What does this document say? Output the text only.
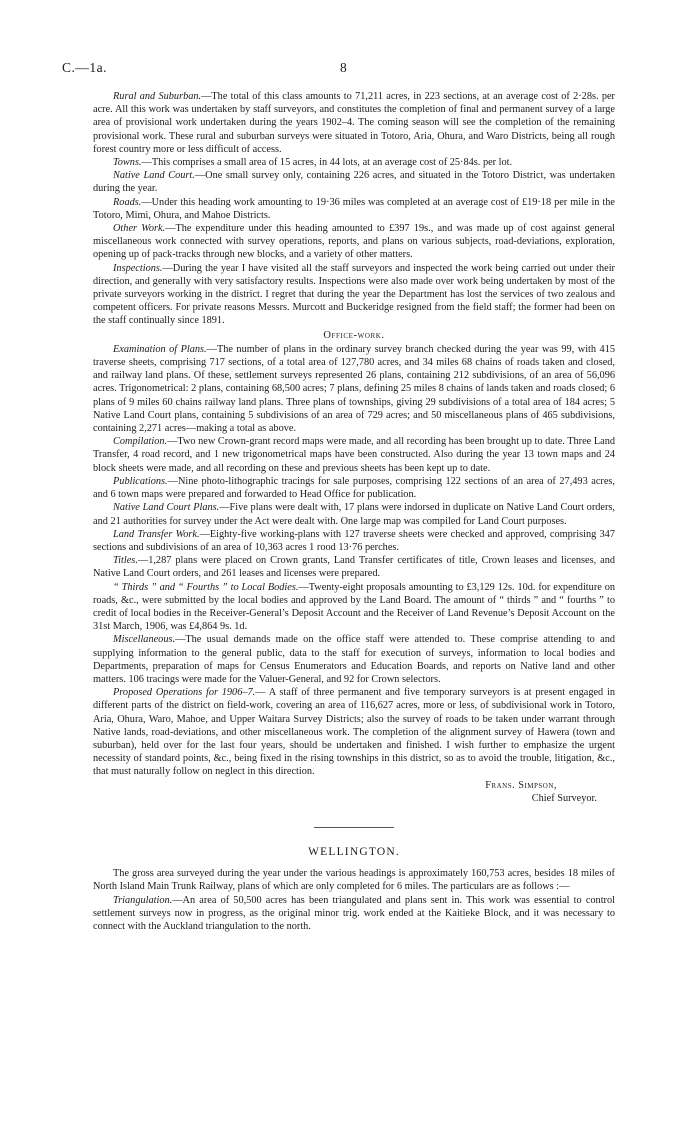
C.—1a.	8

Rural and Suburban.—The total of this class amounts to 71,211 acres, in 223 sections, at an average cost of 2·28s. per acre. All this work was undertaken by staff surveyors, and constitutes the completion of final and permanent survey of a large area of provisional work undertaken during the years 1902–4. The coming season will see the completion of the remaining provisional work. These rural and suburban surveys were situated in Totoro, Aria, Ohura, and Waro Districts, being all rough forest country more or less difficult of access.

Towns.—This comprises a small area of 15 acres, in 44 lots, at an average cost of 25·84s. per lot.

Native Land Court.—One small survey only, containing 226 acres, and situated in the Totoro District, was undertaken during the year.

Roads.—Under this heading work amounting to 19·36 miles was completed at an average cost of £19·18 per mile in the Totoro, Mimi, Ohura, and Mahoe Districts.

Other Work.—The expenditure under this heading amounted to £397 19s., and was made up of cost against general miscellaneous work connected with survey operations, reports, and plans on various subjects, road-deviations, exploration, opening up of pack-tracks through new blocks, and a variety of other matters.

Inspections.—During the year I have visited all the staff surveyors and inspected the work being carried out under their direction, and generally with very satisfactory results. Inspections were also made over work being undertaken by most of the private surveyors working in the district. I regret that during the year the Department has lost the services of two zealous and competent officers. For private reasons Messrs. Murcott and Buckeridge resigned from the field staff; the former had been on the staff continually since 1891.

Office-work.

Examination of Plans.—The number of plans in the ordinary survey branch checked during the year was 99, with 415 traverse sheets, comprising 717 sections, of a total area of 127,780 acres, and 34 miles 68 chains of roads taken and closed, and railway land plans. Of these, settlement surveys represented 26 plans, containing 212 subdivisions, of an area of 56,096 acres. Trigonometrical: 2 plans, containing 68,500 acres; 7 plans, defining 25 miles 8 chains of lands taken and roads closed; 6 plans of 9 miles 60 chains railway land plans. Three plans of townships, giving 29 subdivisions of a total area of 184 acres; 5 Native Land Court plans, containing 5 subdivisions of an area of 729 acres; and 50 miscellaneous plans of 465 subdivisions, containing 2,271 acres—making a total as above.

Compilation.—Two new Crown-grant record maps were made, and all recording has been brought up to date. Three Land Transfer, 4 road record, and 1 new trigonometrical maps have been constructed. Also during the year 13 town maps and 24 block sheets were made, and all recording on these and previous sheets has been kept up to date.

Publications.—Nine photo-lithographic tracings for sale purposes, comprising 122 sections of an area of 27,493 acres, and 6 town maps were prepared and forwarded to Head Office for publication.

Native Land Court Plans.—Five plans were dealt with, 17 plans were indorsed in duplicate on Native Land Court orders, and 21 authorities for survey under the Act were dealt with. One large map was compiled for Land Court purposes.

Land Transfer Work.—Eighty-five working-plans with 127 traverse sheets were checked and approved, comprising 347 sections and subdivisions of an area of 10,363 acres 1 rood 13·76 perches.

Titles.—1,287 plans were placed on Crown grants, Land Transfer certificates of title, Crown leases and licenses, and Native Land Court orders, and 261 leases and licenses were prepared.

“ Thirds ” and “ Fourths ” to Local Bodies.—Twenty-eight proposals amounting to £3,129 12s. 10d. for expenditure on roads, &c., were submitted by the local bodies and approved by the Land Board. The amount of “ thirds ” and “ fourths ” to credit of local bodies in the Receiver-General’s Deposit Account and the Receiver of Land Revenue’s Deposit Account on the 31st March, 1906, was £4,864 9s. 1d.

Miscellaneous.—The usual demands made on the office staff were attended to. These comprise attending to and supplying information to the general public, data to the staff for execution of surveys, information to local bodies and Departments, preparation of maps for Census Enumerators and Education Boards, and reports on Native land and other matters. 106 tracings were made for the Valuer-General, and 92 for Crown selectors.

Proposed Operations for 1906–7.— A staff of three permanent and five temporary surveyors is at present engaged in different parts of the district on field-work, covering an area of 116,627 acres, more or less, of subdivisional work in Totoro, Aria, Ohura, Waro, Mahoe, and Upper Waitara Survey Districts; also the survey of roads to be taken under warrant through Native lands, road-deviations, and other miscellaneous work. The completion of the alignment survey of Hawera (town and suburban), held over for the last four years, should be undertaken and finished. I wish further to emphasize the urgent necessity of standard points, &c., being fixed in the rising townships in this district, so as to avoid the trouble, litigation, &c., that must naturally follow on neglect in this direction.

Frans. Simpson,
Chief Surveyor.
WELLINGTON.

The gross area surveyed during the year under the various headings is approximately 160,753 acres, besides 18 miles of North Island Main Trunk Railway, plans of which are only completed for 6 miles. The particulars are as follows :—

Triangulation.—An area of 50,500 acres has been triangulated and plans sent in. This work was essential to control settlement surveys now in progress, as the original minor trig. work ended at the Kaitieke Block, and it was necessary to connect with the Auckland triangulation to the north.
